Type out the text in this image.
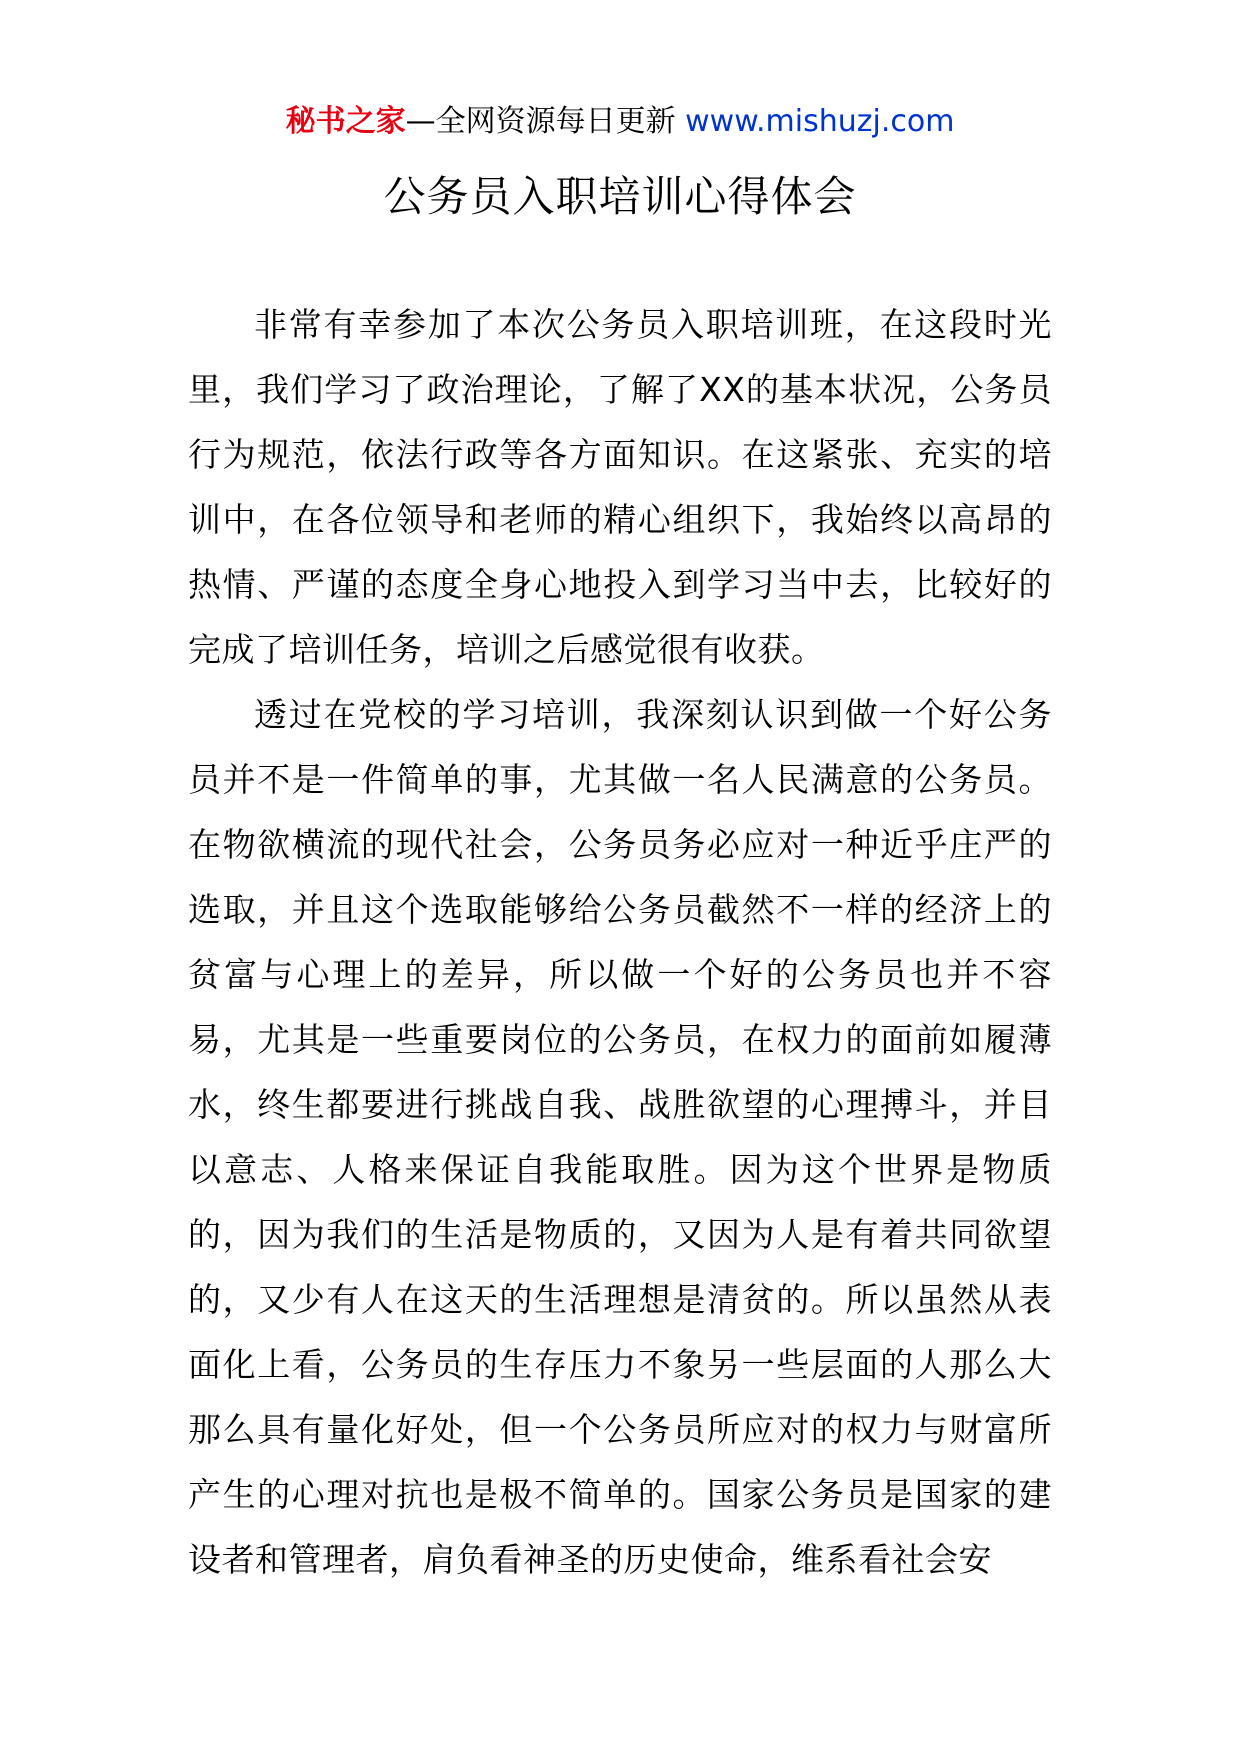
秘书之家—全网资源每日更新 www.mishuzj.com
公务员入职培训心得体会

非常有幸参加了本次公务员入职培训班，在这段时光里，我们学习了政治理论，了解了XX的基本状况，公务员行为规范，依法行政等各方面知识。在这紧张、充实的培训中，在各位领导和老师的精心组织下，我始终以高昂的热情、严谨的态度全身心地投入到学习当中去，比较好的完成了培训任务，培训之后感觉很有收获。

透过在党校的学习培训，我深刻认识到做一个好公务员并不是一件简单的事，尤其做一名人民满意的公务员。在物欲横流的现代社会，公务员务必应对一种近乎庄严的选取，并且这个选取能够给公务员截然不一样的经济上的贫富与心理上的差异，所以做一个好的公务员也并不容易，尤其是一些重要岗位的公务员，在权力的面前如履薄水，终生都要进行挑战自我、战胜欲望的心理搏斗，并目以意志、人格来保证自我能取胜。因为这个世界是物质的，因为我们的生活是物质的，又因为人是有着共同欲望的，又少有人在这天的生活理想是清贫的。所以虽然从表面化上看，公务员的生存压力不象另一些层面的人那么大那么具有量化好处，但一个公务员所应对的权力与财富所产生的心理对抗也是极不简单的。国家公务员是国家的建设者和管理者，肩负看神圣的历史使命，维系看社会安
